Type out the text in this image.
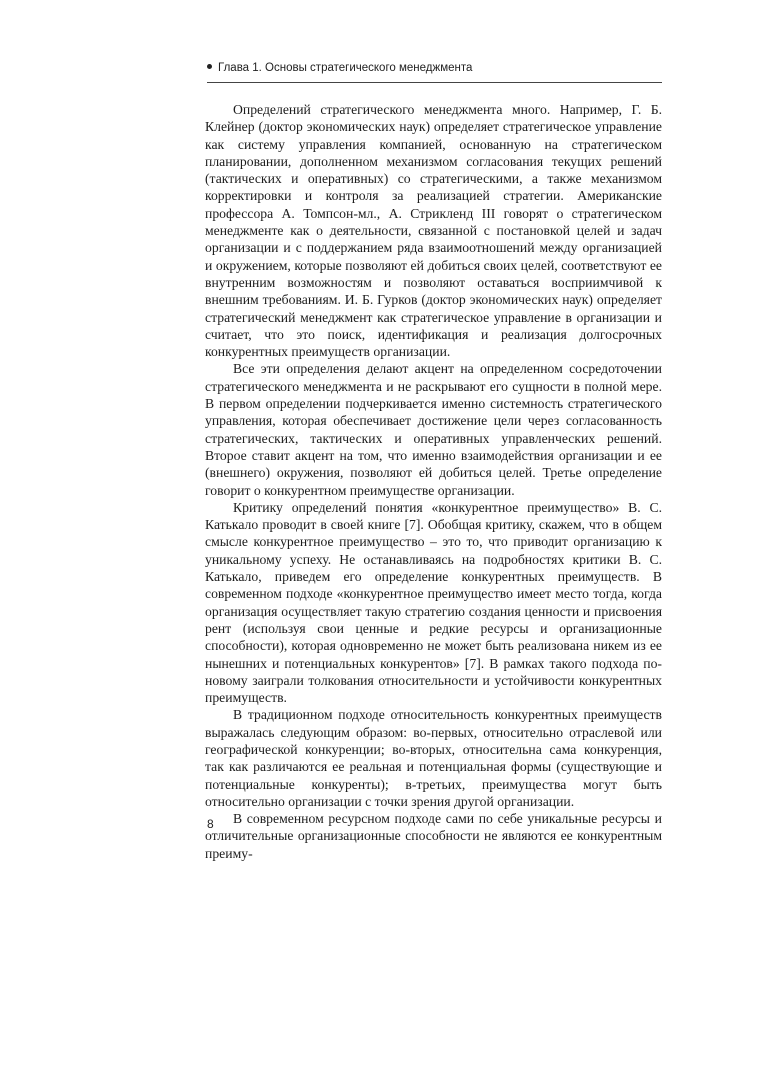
Глава 1. Основы стратегического менеджмента

Определений стратегического менеджмента много. Например, Г. Б. Клейнер (доктор экономических наук) определяет стратегическое управление как систему управления компанией, основанную на стратегическом планировании, дополненном механизмом согласования текущих решений (тактических и оперативных) со стратегическими, а также механизмом корректировки и контроля за реализацией стратегии. Американские профессора А. Томпсон-мл., А. Стрикленд III говорят о стратегическом менеджменте как о деятельности, связанной с постановкой целей и задач организации и с поддержанием ряда взаимоотношений между организацией и окружением, которые позволяют ей добиться своих целей, соответствуют ее внутренним возможностям и позволяют оставаться восприимчивой к внешним требованиям. И. Б. Гурков (доктор экономических наук) определяет стратегический менеджмент как стратегическое управление в организации и считает, что это поиск, идентификация и реализация долгосрочных конкурентных преимуществ организации.

Все эти определения делают акцент на определенном сосредоточении стратегического менеджмента и не раскрывают его сущности в полной мере. В первом определении подчеркивается именно системность стратегического управления, которая обеспечивает достижение цели через согласованность стратегических, тактических и оперативных управленческих решений. Второе ставит акцент на том, что именно взаимодействия организации и ее (внешнего) окружения, позволяют ей добиться целей. Третье определение говорит о конкурентном преимуществе организации.

Критику определений понятия «конкурентное преимущество» В. С. Катькало проводит в своей книге [7]. Обобщая критику, скажем, что в общем смысле конкурентное преимущество – это то, что приводит организацию к уникальному успеху. Не останавливаясь на подробностях критики В. С. Катькало, приведем его определение конкурентных преимуществ. В современном подходе «конкурентное преимущество имеет место тогда, когда организация осуществляет такую стратегию создания ценности и присвоения рент (используя свои ценные и редкие ресурсы и организационные способности), которая одновременно не может быть реализована никем из ее нынешних и потенциальных конкурентов» [7]. В рамках такого подхода по-новому заиграли толкования относительности и устойчивости конкурентных преимуществ.

В традиционном подходе относительность конкурентных преимуществ выражалась следующим образом: во-первых, относительно отраслевой или географической конкуренции; во-вторых, относительна сама конкуренция, так как различаются ее реальная и потенциальная формы (существующие и потенциальные конкуренты); в-третьих, преимущества могут быть относительно организации с точки зрения другой организации.

В современном ресурсном подходе сами по себе уникальные ресурсы и отличительные организационные способности не являются ее конкурентным преиму-

8
